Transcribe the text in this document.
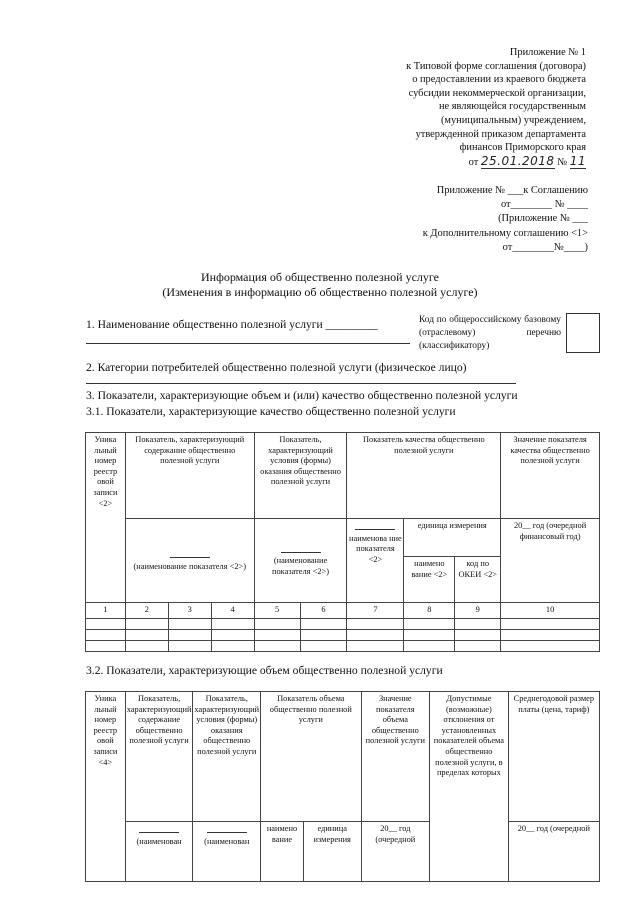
Приложение № 1
к Типовой форме соглашения (договора)
о предоставлении из краевого бюджета
субсидии некоммерческой организации,
не являющейся государственным
(муниципальным) учреждением,
утвержденной приказом департамента
финансов Приморского края
от 25.01.2018 № 11
Приложение № ___к Соглашению
от________ № ____
(Приложение № ___
к Дополнительному соглашению <1>
от________№____)
Информация об общественно полезной услуге
(Изменения в информацию об общественно полезной услуге)
1. Наименование общественно полезной услуги _________	Код по общероссийскому базовому (отраслевому) перечню (классификатору)
2. Категории потребителей общественно полезной услуги (физическое лицо)
3. Показатели, характеризующие объем и (или) качество общественно полезной услуги
3.1. Показатели, характеризующие качество общественно полезной услуги
Уника льный номер реестр овой записи <2>	Показатель, характеризующий содержание общественно полезной услуги			Показатель, характеризующий условия (формы) оказания общественно полезной услуги		Показатель качества общественно полезной услуги			Значение показателя качества общественно полезной услуги

	(наименование показателя <2>)			(наименование показателя <2>)		наименова ние показателя <2>	единица измерения		20__ год (очередной финансовый год)
							наимено вание <2>	код по ОКЕИ <2>	
1	2	3	4	5	6	7	8	9	10

3.2. Показатели, характеризующие объем общественно полезной услуги
Уника льный номер реестр овой записи <4>	Показатель, характеризующий содержание общественно полезной услуги	Показатель, характеризующий условия (формы) оказания общественно полезной услуги	Показатель объема общественно полезной услуги		Значение показателя объема общественно полезной услуги	Допустимые (возможные) отклонения от установленных показателей объема общественно полезной услуги, в пределах которых	Среднегодовой размер платы (цена, тариф)

	(наименован	(наименован	наимено вание	единица измерения	20__ год (очередной		20__ год (очередной
